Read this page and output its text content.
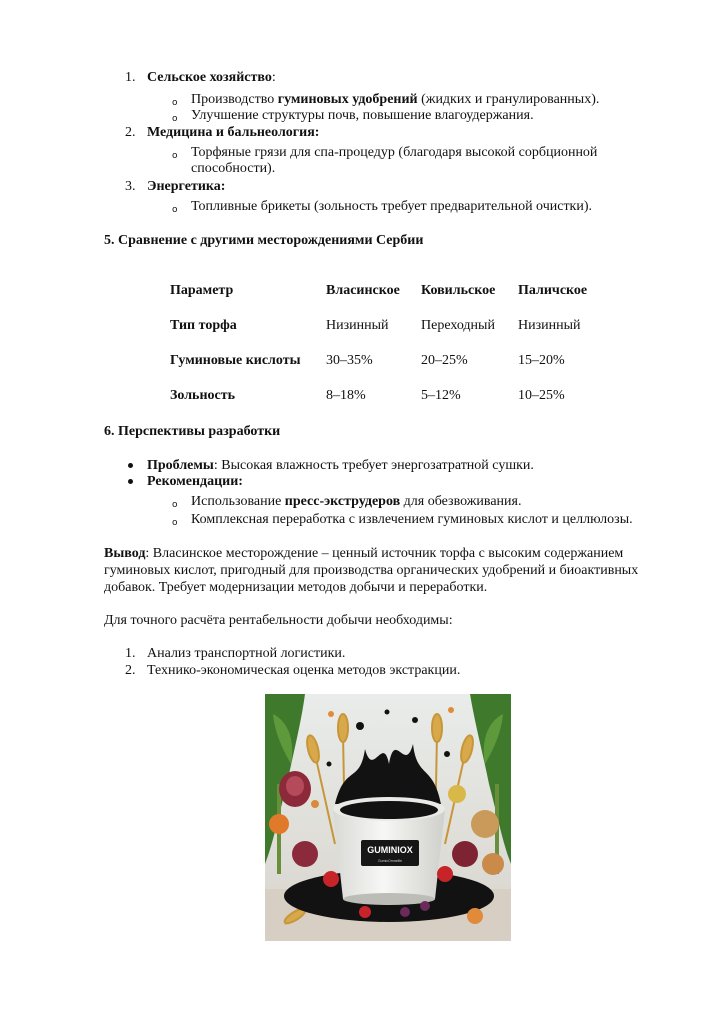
1. Сельское хозяйство:
o Производство гуминовых удобрений (жидких и гранулированных).
o Улучшение структуры почв, повышение влагоудержания.
2. Медицина и бальнеология:
o Торфяные грязи для спа-процедур (благодаря высокой сорбционной
способности).
3. Энергетика:
o Топливные брикеты (зольность требует предварительной очистки).
5. Сравнение с другими месторождениями Сербии
Параметр	Власинское	Ковильское	Паличское
Тип торфа	Низинный	Переходный	Низинный
Гуминовые кислоты	30–35%	20–25%	15–20%
Зольность	8–18%	5–12%	10–25%
6. Перспективы разработки
Проблемы: Высокая влажность требует энергозатратной сушки.
Рекомендации:
o Использование пресс-экструдеров для обезвоживания.
o Комплексная переработка с извлечением гуминовых кислот и целлюлозы.
Вывод: Власинское месторождение – ценный источник торфа с высоким содержанием
гуминовых кислот, пригодный для производства органических удобрений и биоактивных
добавок. Требует модернизации методов добычи и переработки.
Для точного расчёта рентабельности добычи необходимы:
1. Анализ транспортной логистики.
2. Технико-экономическая оценка методов экстракции.
GUMINIOX
GumicOmnelife
